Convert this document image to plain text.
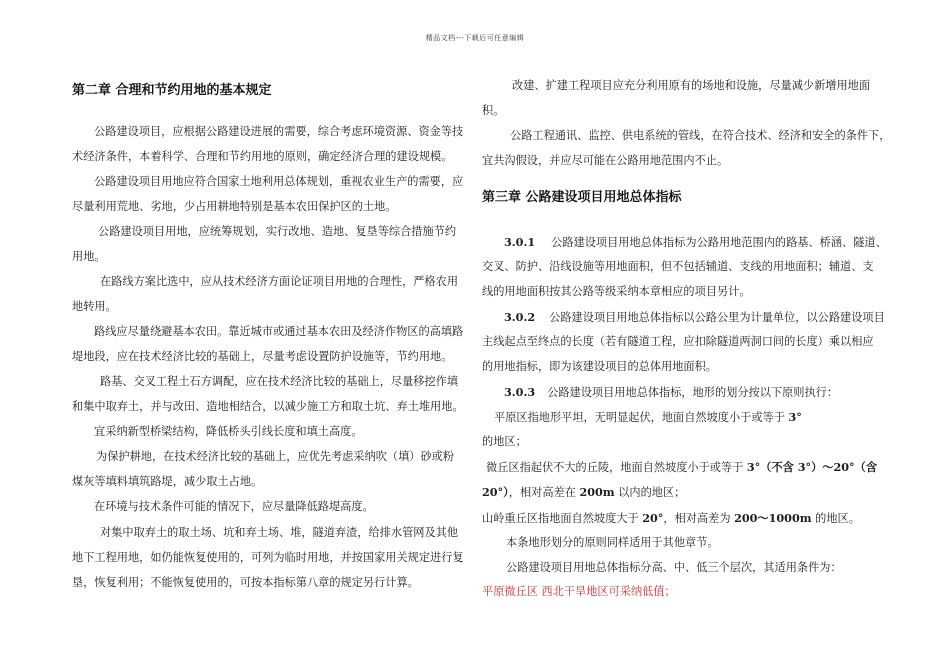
精品文档---下载后可任意编辑
第二章 合理和节约用地的基本规定
公路建设项目，应根据公路建设进展的需要，综合考虑环境资源、资金等技
术经济条件，本着科学、合理和节约用地的原则，确定经济合理的建设规模。
公路建设项目用地应符合国家土地利用总体规划，重视农业生产的需要，应
尽量利用荒地、劣地，少占用耕地特别是基本农田保护区的土地。
公路建设项目用地，应统筹规划，实行改地、造地、复垦等综合措施节约
用地。
在路线方案比选中，应从技术经济方面论证项目用地的合理性，严格农用
地转用。
路线应尽量绕避基本农田。靠近城市或通过基本农田及经济作物区的高填路
堤地段，应在技术经济比较的基础上，尽量考虑设置防护设施等，节约用地。
路基、交叉工程土石方调配，应在技术经济比较的基础上，尽量移挖作填
和集中取弃土，并与改田、造地相结合，以减少施工方和取土坑、弃土堆用地。
宜采纳新型桥梁结构，降低桥头引线长度和填土高度。
为保护耕地，在技术经济比较的基础上，应优先考虑采纳吹（填）砂或粉
煤灰等填料填筑路堤，减少取土占地。
在环境与技术条件可能的情况下，应尽量降低路堤高度。
对集中取弃土的取土场、坑和弃土场、堆，隧道弃渣，给排水管网及其他
地下工程用地，如仍能恢复使用的，可列为临时用地，并按国家用关规定进行复
垦，恢复利用；不能恢复使用的，可按本指标第八章的规定另行计算。
改建、扩建工程项目应充分利用原有的场地和设施，尽量减少新增用地面
积。
公路工程通讯、监控、供电系统的管线，在符合技术、经济和安全的条件下，
宜共沟假设，并应尽可能在公路用地范围内不止。
第三章 公路建设项目用地总体指标
3.0.1 公路建设项目用地总体指标为公路用地范围内的路基、桥涵、隧道、
交叉、防护、沿线设施等用地面积，但不包括辅道、支线的用地面积；辅道、支
线的用地面积按其公路等级采纳本章相应的项目另计。
3.0.2 公路建设项目用地总体指标以公路公里为计量单位，以公路建设项目
主线起点至终点的长度（若有隧道工程，应扣除隧道两洞口间的长度）乘以相应
的用地指标，即为该建设项目的总体用地面积。
3.0.3 公路建设项目用地总体指标，地形的划分按以下原则执行：
平原区指地形平坦，无明显起伏，地面自然坡度小于或等于 3°
的地区；
微丘区指起伏不大的丘陵，地面自然坡度小于或等于 3°（不含 3°）～20°（含
20°），相对高差在 200m 以内的地区；
山岭重丘区指地面自然坡度大于 20°，相对高差为 200～1000m 的地区。
本条地形划分的原则同样适用于其他章节。
公路建设项目用地总体指标分高、中、低三个层次，其适用条件为：
平原微丘区 西北干旱地区可采纳低值；
